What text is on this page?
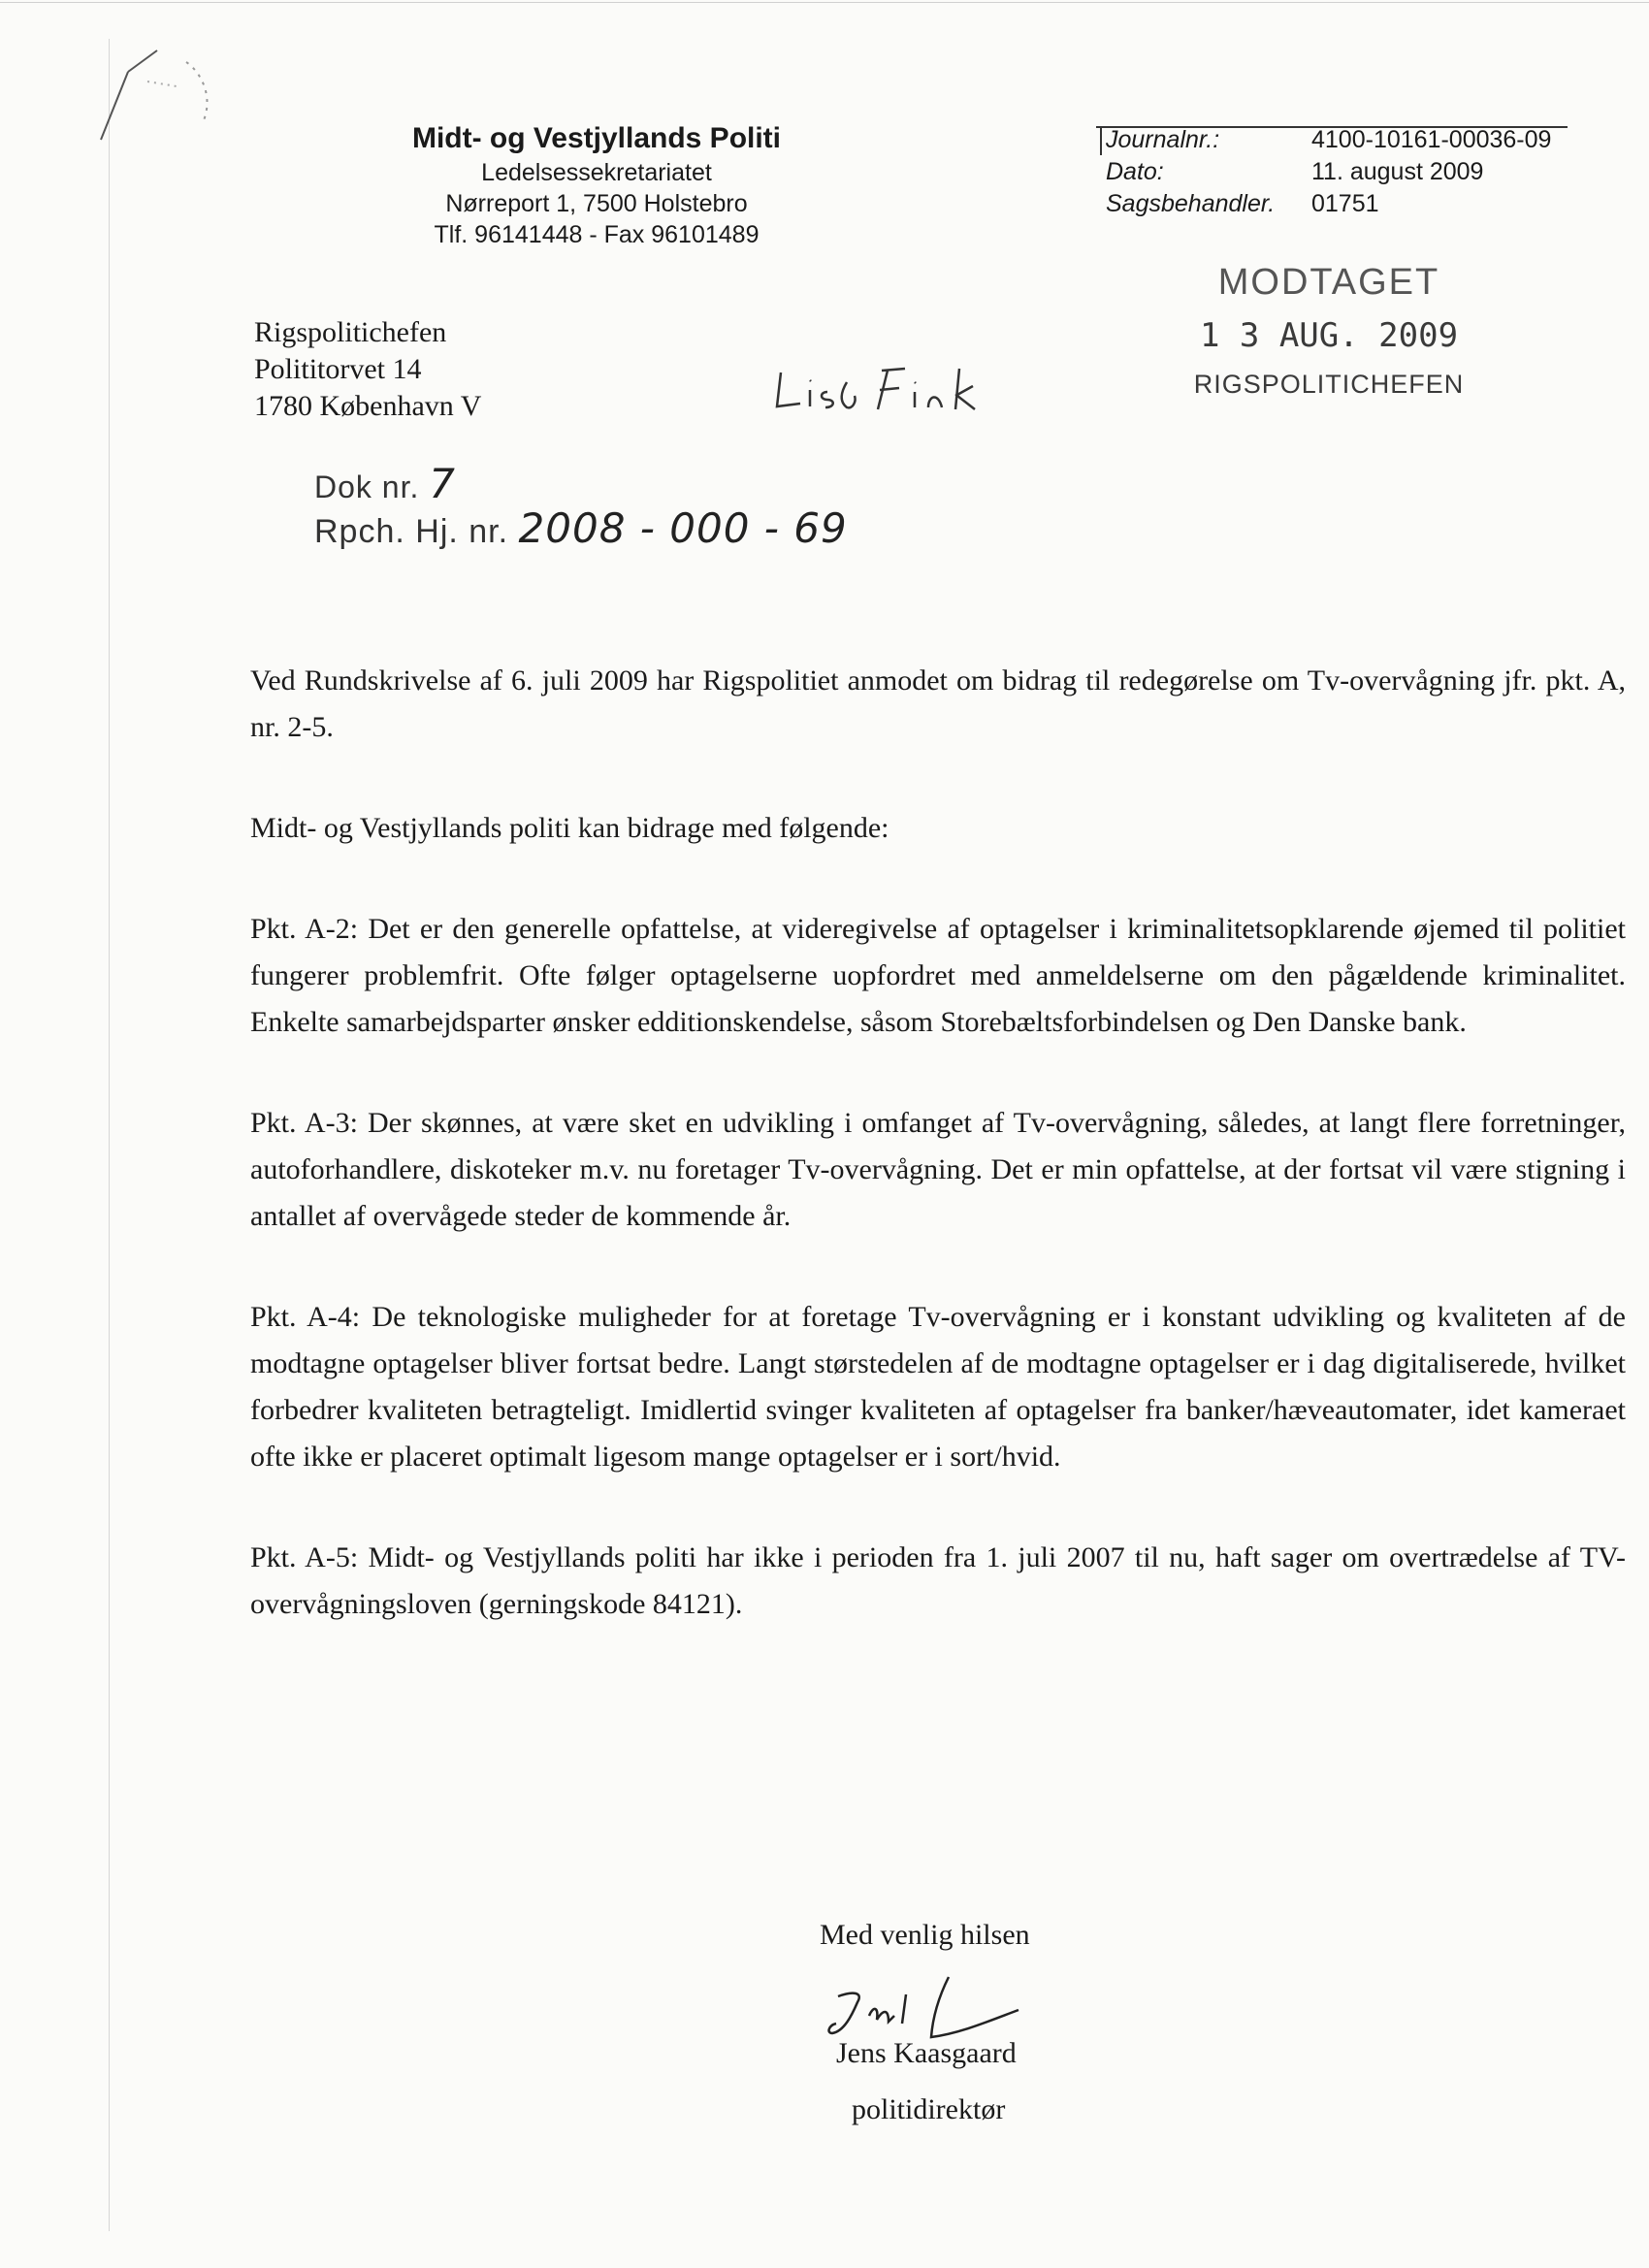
Midt- og Vestjyllands Politi
Ledelsessekretariatet
Nørreport 1, 7500 Holstebro
Tlf. 96141448 - Fax 96101489
Journalnr.:	4100-10161-00036-09
Dato:	11. august 2009
Sagsbehandler.	01751
MODTAGET
1 3 AUG. 2009
RIGSPOLITICHEFEN
Rigspolitichefen
Polititorvet 14
1780 København V
Dok nr. 7
Rpch. Hj. nr. 2008 - 000 - 69

Ved Rundskrivelse af 6. juli 2009 har Rigspolitiet anmodet om bidrag til redegørelse om Tv-overvågning jfr. pkt. A, nr. 2-5.

Midt- og Vestjyllands politi kan bidrage med følgende:

Pkt. A-2: Det er den generelle opfattelse, at videregivelse af optagelser i kriminalitetsopklarende øjemed til politiet fungerer problemfrit. Ofte følger optagelserne uopfordret med anmeldelserne om den pågældende kriminalitet. Enkelte samarbejdsparter ønsker edditionskendelse, såsom Storebæltsforbindelsen og Den Danske bank.

Pkt. A-3: Der skønnes, at være sket en udvikling i omfanget af Tv-overvågning, således, at langt flere forretninger, autoforhandlere, diskoteker m.v. nu foretager Tv-overvågning. Det er min opfattelse, at der fortsat vil være stigning i antallet af overvågede steder de kommende år.

Pkt. A-4: De teknologiske muligheder for at foretage Tv-overvågning er i konstant udvikling og kvaliteten af de modtagne optagelser bliver fortsat bedre. Langt størstedelen af de modtagne optagelser er i dag digitaliserede, hvilket forbedrer kvaliteten betragteligt. Imidlertid svinger kvaliteten af optagelser fra banker/hæveautomater, idet kameraet ofte ikke er placeret optimalt ligesom mange optagelser er i sort/hvid.

Pkt. A-5: Midt- og Vestjyllands politi har ikke i perioden fra 1. juli 2007 til nu, haft sager om overtrædelse af TV-overvågningsloven (gerningskode 84121).

Med venlig hilsen
Jens Kaasgaard
politidirektør
